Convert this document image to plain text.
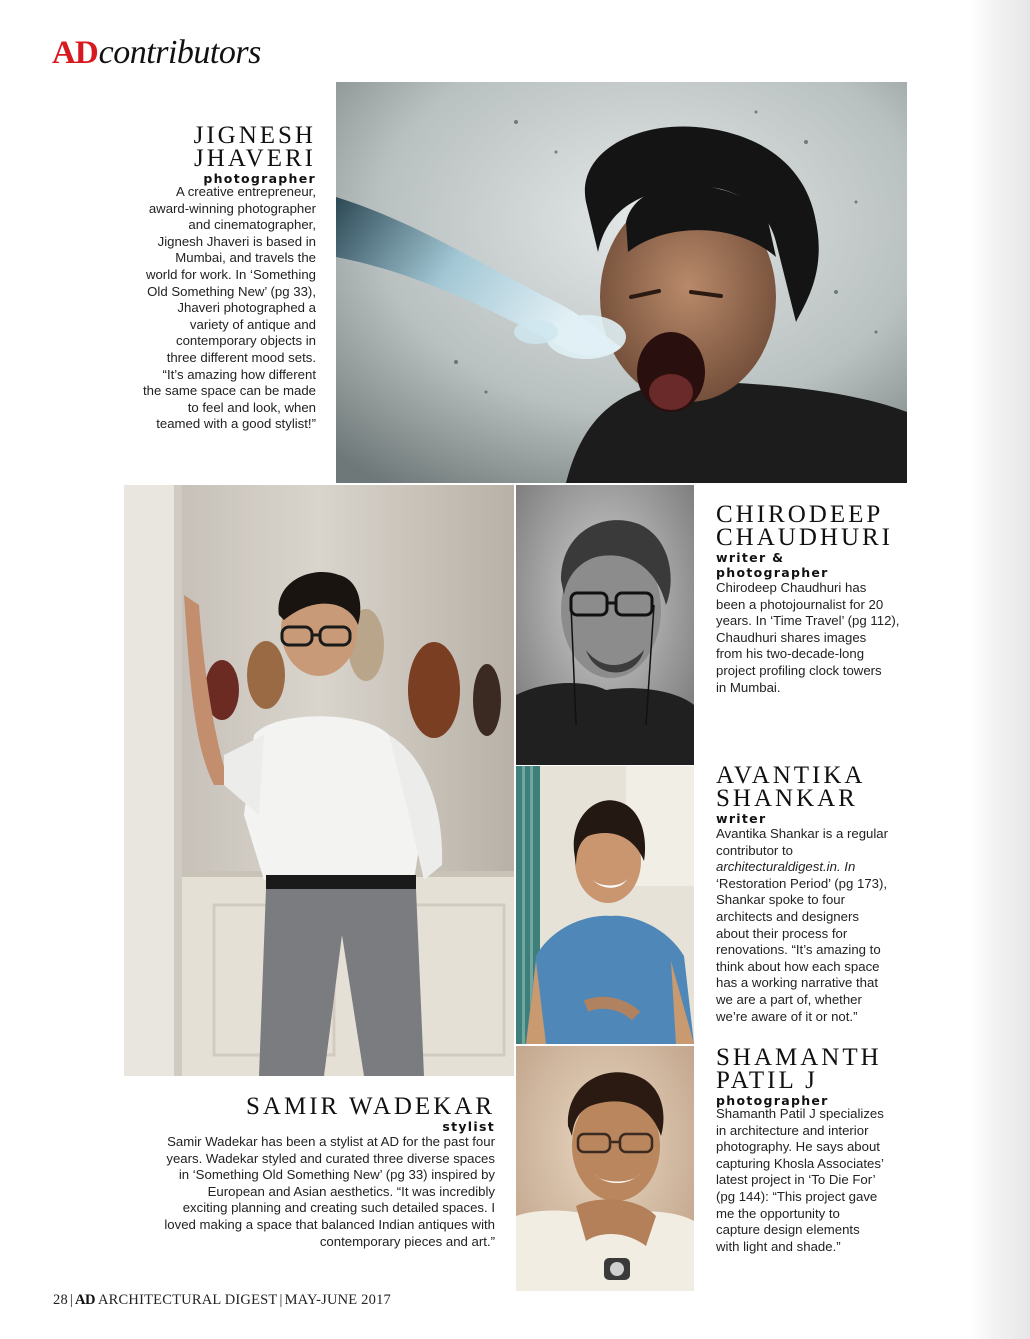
ADcontributors
JIGNESH
JHAVERI
photographer

A creative entrepreneur,

award-winning photographer

and cinematographer,

Jignesh Jhaveri is based in

Mumbai, and travels the

world for work. In ‘Something

Old Something New’ (pg 33),

Jhaveri photographed a

variety of antique and

contemporary objects in

three different mood sets.

“It’s amazing how different

the same space can be made

to feel and look, when

teamed with a good stylist!”

CHIRODEEP
CHAUDHURI
writer &
photographer

Chirodeep Chaudhuri has

been a photojournalist for 20

years. In ‘Time Travel’ (pg 112),

Chaudhuri shares images

from his two-decade-long

project profiling clock towers

in Mumbai.

AVANTIKA
SHANKAR
writer

Avantika Shankar is a regular

contributor to

architecturaldigest.in. In

‘Restoration Period’ (pg 173),

Shankar spoke to four

architects and designers

about their process for

renovations. “It’s amazing to

think about how each space

has a working narrative that

we are a part of, whether

we’re aware of it or not.”

SHAMANTH
PATIL J
photographer

Shamanth Patil J specializes

in architecture and interior

photography. He says about

capturing Khosla Associates’

latest project in ‘To Die For’

(pg 144): “This project gave

me the opportunity to

capture design elements

with light and shade.”

SAMIR WADEKAR
stylist

Samir Wadekar has been a stylist at AD for the past four

years. Wadekar styled and curated three diverse spaces

in ‘Something Old Something New’ (pg 33) inspired by

European and Asian aesthetics. “It was incredibly

exciting planning and creating such detailed spaces. I

loved making a space that balanced Indian antiques with

contemporary pieces and art.”

28 | AD ARCHITECTURAL DIGEST | MAY-JUNE 2017
